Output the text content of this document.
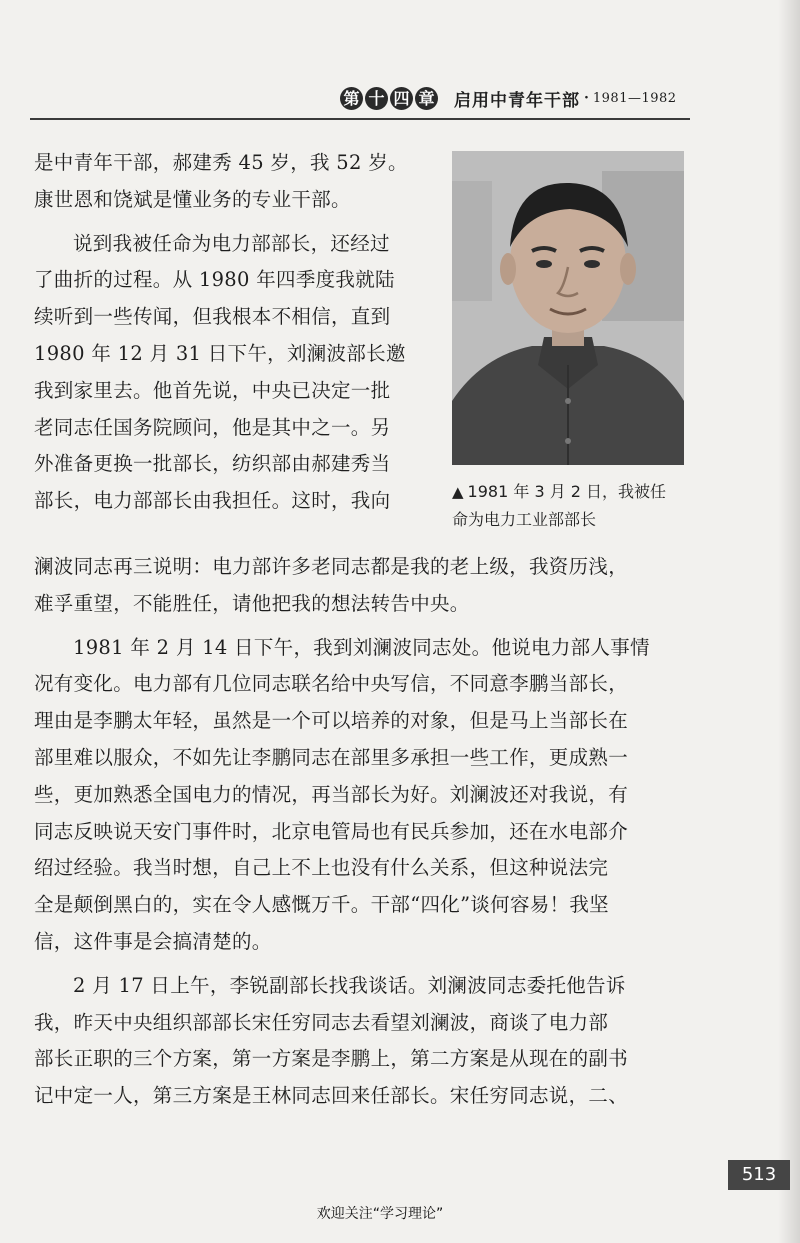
第 十 四 章 启用中青年干部 · 1981—1982
▲ 1981 年 3 月 2 日，我被任
命为电力工业部部长
是中青年干部，郝建秀 45 岁，我 52 岁。
康世恩和饶斌是懂业务的专业干部。
说到我被任命为电力部部长，还经过
了曲折的过程。从 1980 年四季度我就陆
续听到一些传闻，但我根本不相信，直到
1980 年 12 月 31 日下午，刘澜波部长邀
我到家里去。他首先说，中央已决定一批
老同志任国务院顾问，他是其中之一。另
外准备更换一批部长，纺织部由郝建秀当
部长，电力部部长由我担任。这时，我向
澜波同志再三说明：电力部许多老同志都是我的老上级，我资历浅，
难孚重望，不能胜任，请他把我的想法转告中央。
1981 年 2 月 14 日下午，我到刘澜波同志处。他说电力部人事情
况有变化。电力部有几位同志联名给中央写信，不同意李鹏当部长，
理由是李鹏太年轻，虽然是一个可以培养的对象，但是马上当部长在
部里难以服众，不如先让李鹏同志在部里多承担一些工作，更成熟一
些，更加熟悉全国电力的情况，再当部长为好。刘澜波还对我说，有
同志反映说天安门事件时，北京电管局也有民兵参加，还在水电部介
绍过经验。我当时想，自己上不上也没有什么关系，但这种说法完
全是颠倒黑白的，实在令人感慨万千。干部“四化”谈何容易！我坚
信，这件事是会搞清楚的。
2 月 17 日上午，李锐副部长找我谈话。刘澜波同志委托他告诉
我，昨天中央组织部部长宋任穷同志去看望刘澜波，商谈了电力部
部长正职的三个方案，第一方案是李鹏上，第二方案是从现在的副书
记中定一人，第三方案是王林同志回来任部长。宋任穷同志说，二、
513
欢迎关注“学习理论”
